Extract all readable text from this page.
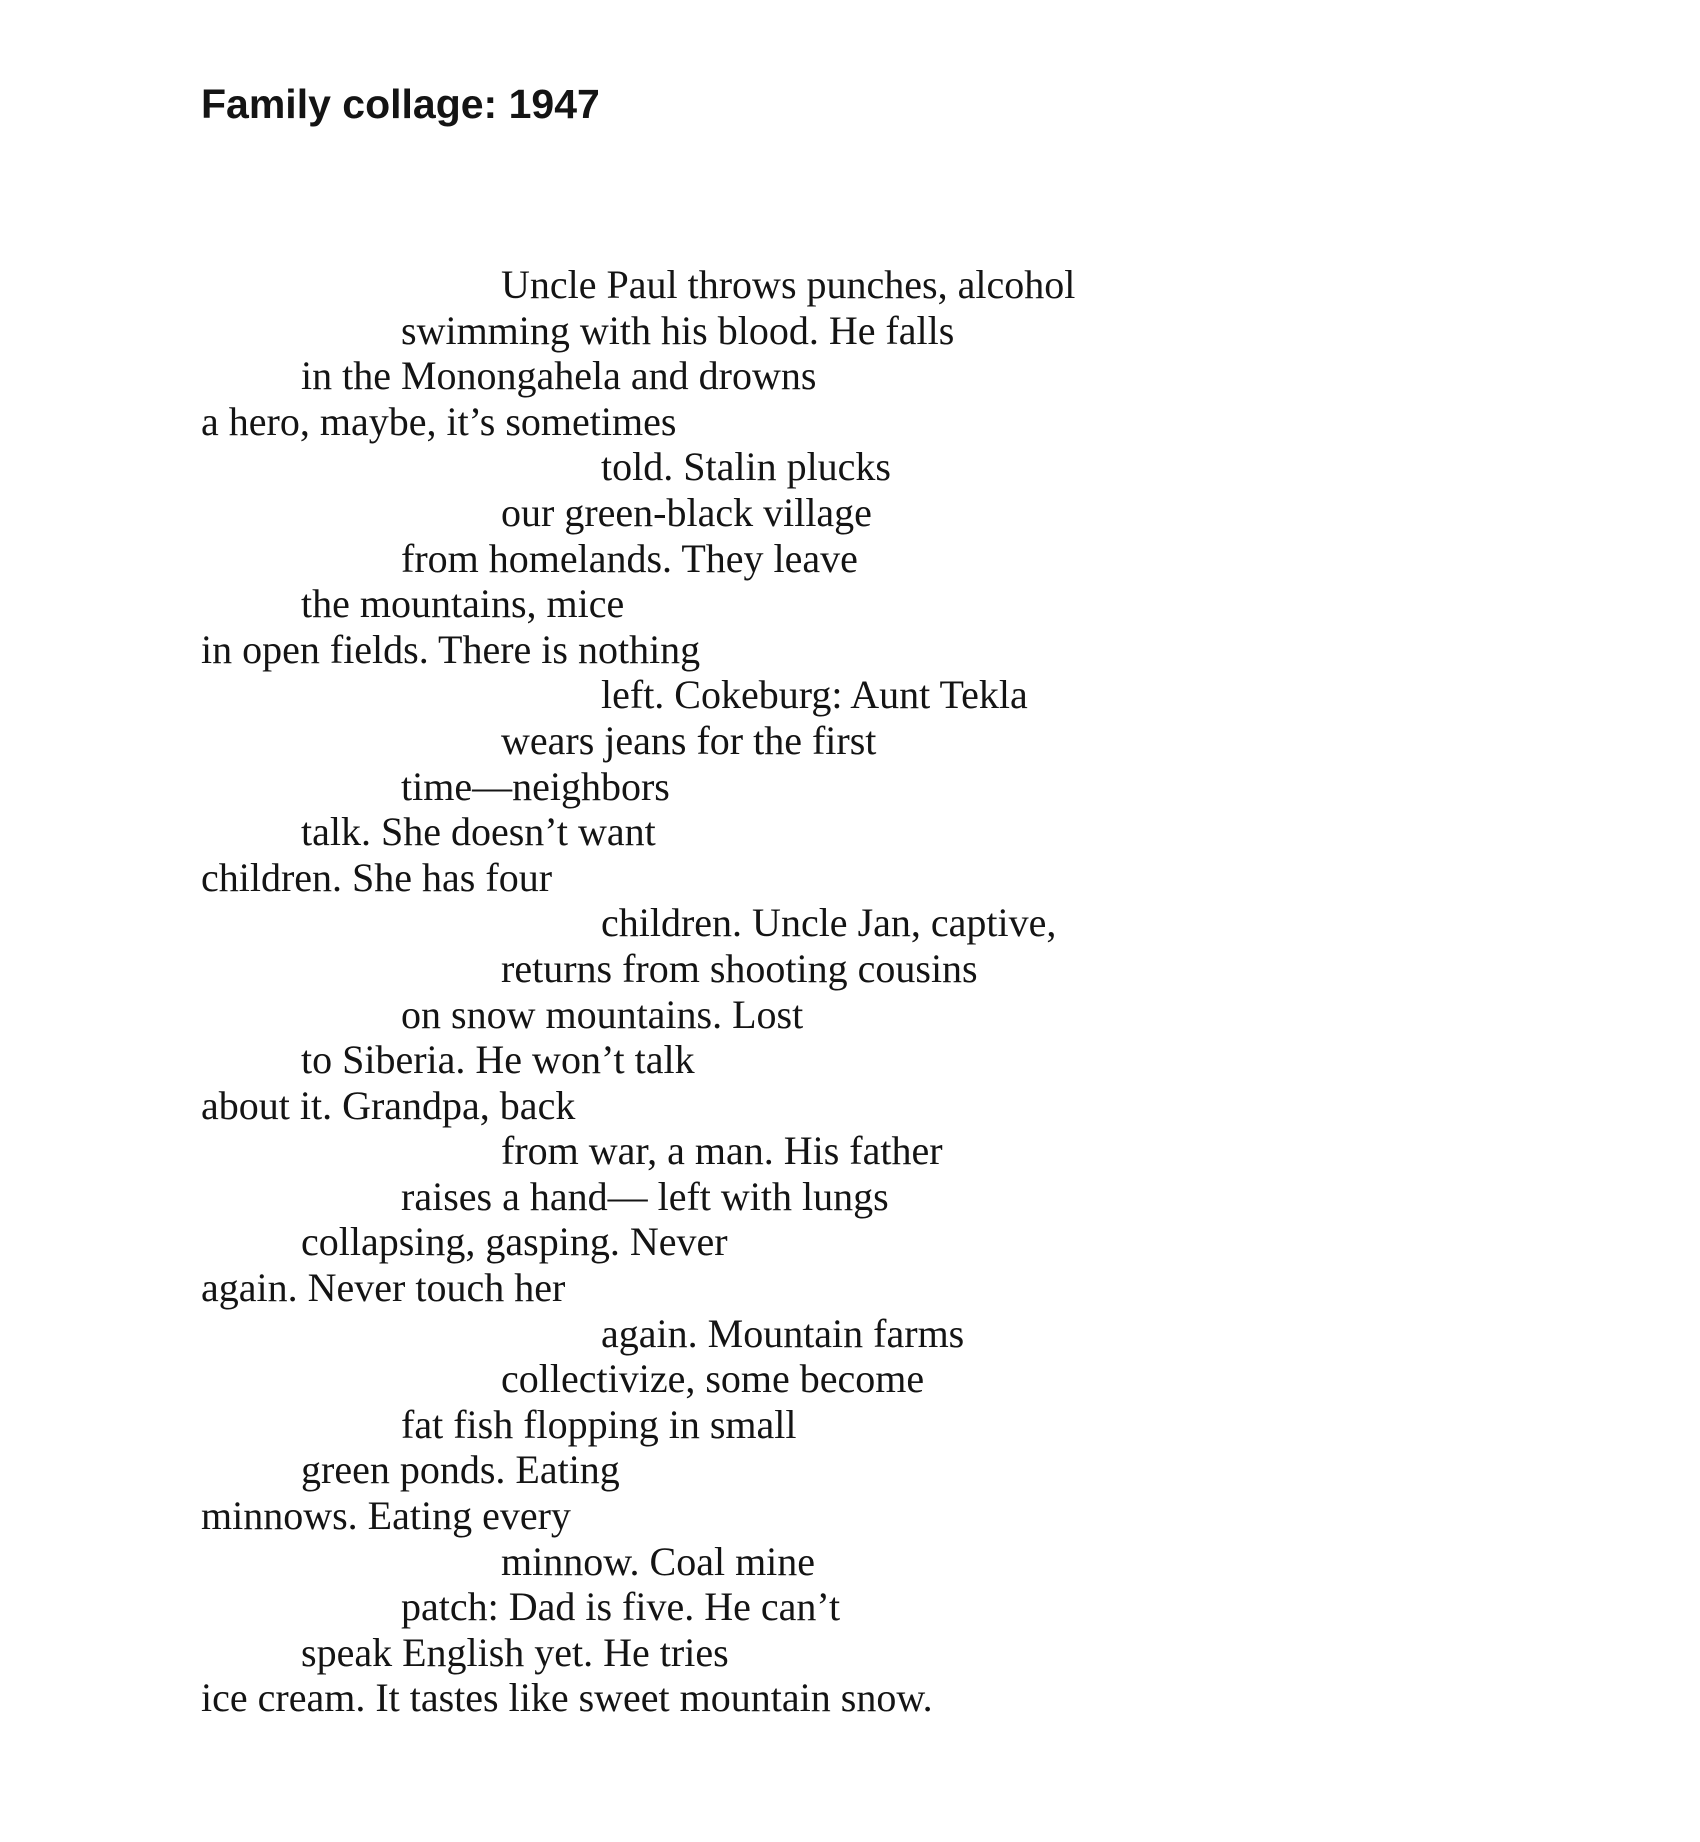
Family collage: 1947
Uncle Paul throws punches, alcohol
swimming with his blood. He falls
in the Monongahela and drowns
a hero, maybe, it’s sometimes
told. Stalin plucks
our green-black village
from homelands. They leave
the mountains, mice
in open fields. There is nothing
left. Cokeburg: Aunt Tekla
wears jeans for the first
time—neighbors
talk. She doesn’t want
children. She has four
children. Uncle Jan, captive,
returns from shooting cousins
on snow mountains. Lost
to Siberia. He won’t talk
about it. Grandpa, back
from war, a man. His father
raises a hand— left with lungs
collapsing, gasping. Never
again. Never touch her
again. Mountain farms
collectivize, some become
fat fish flopping in small
green ponds. Eating
minnows. Eating every
minnow. Coal mine
patch: Dad is five. He can’t
speak English yet. He tries
ice cream. It tastes like sweet mountain snow.
